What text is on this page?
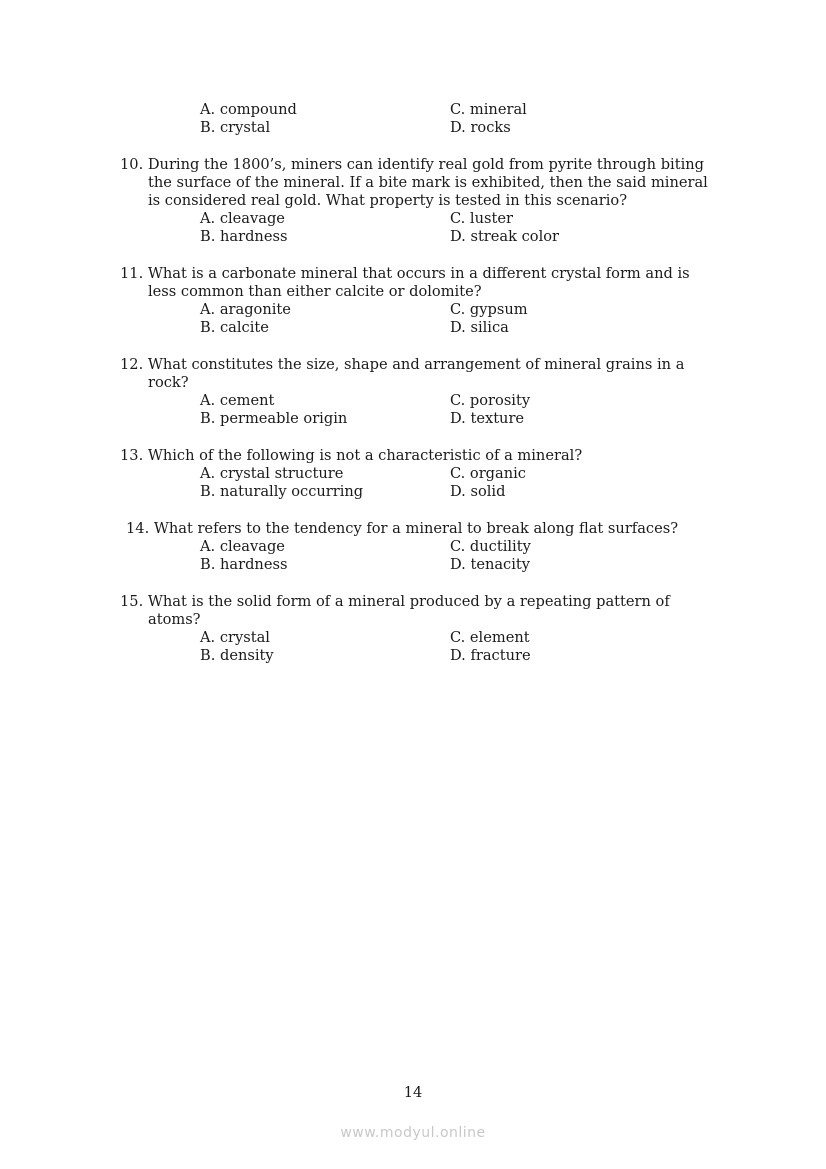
A. compound	C. mineral
B. crystal	D. rocks
10. During the 1800’s, miners can identify real gold from pyrite through biting
the surface of the mineral. If a bite mark is exhibited, then the said mineral
is considered real gold. What property is tested in this scenario?
A. cleavage	C. luster
B. hardness	D. streak color
11. What is a carbonate mineral that occurs in a different crystal form and is
less common than either calcite or dolomite?
A. aragonite	C. gypsum
B. calcite	D. silica
12. What constitutes the size, shape and arrangement of mineral grains in a
rock?
A. cement	C. porosity
B. permeable origin	D. texture
13. Which of the following is not a characteristic of a mineral?
A. crystal structure	C. organic
B. naturally occurring	D. solid
14. What refers to the tendency for a mineral to break along flat surfaces?
A. cleavage	C. ductility
B. hardness	D. tenacity
15. What is the solid form of a mineral produced by a repeating pattern of
atoms?
A. crystal	C. element
B. density	D. fracture
14
www.modyul.online
